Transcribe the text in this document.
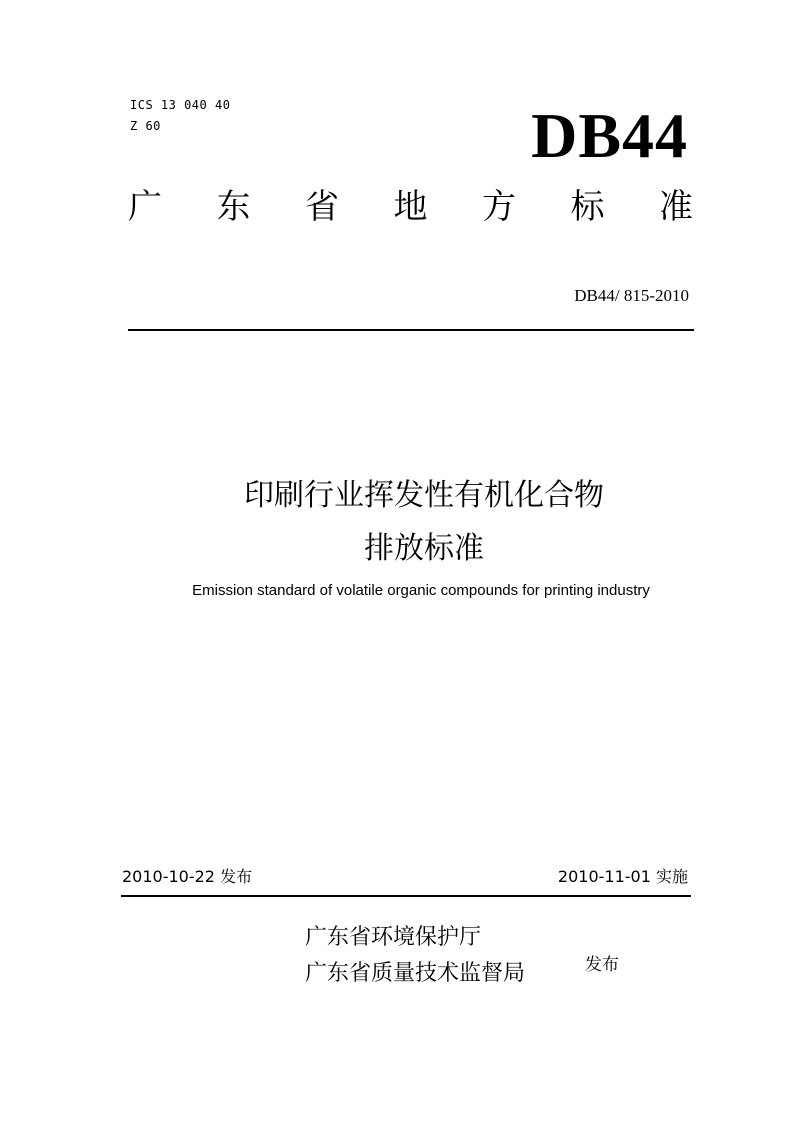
ICS 13 040 40
Z 60	DB44
广 东 省 地 方 标 准
DB44/ 815-2010
印刷行业挥发性有机化合物
排放标准
Emission standard of volatile organic compounds for printing industry
2010-10-22 发布	2010-11-01 实施
广东省环境保护厅
广东省质量技术监督局	发布
